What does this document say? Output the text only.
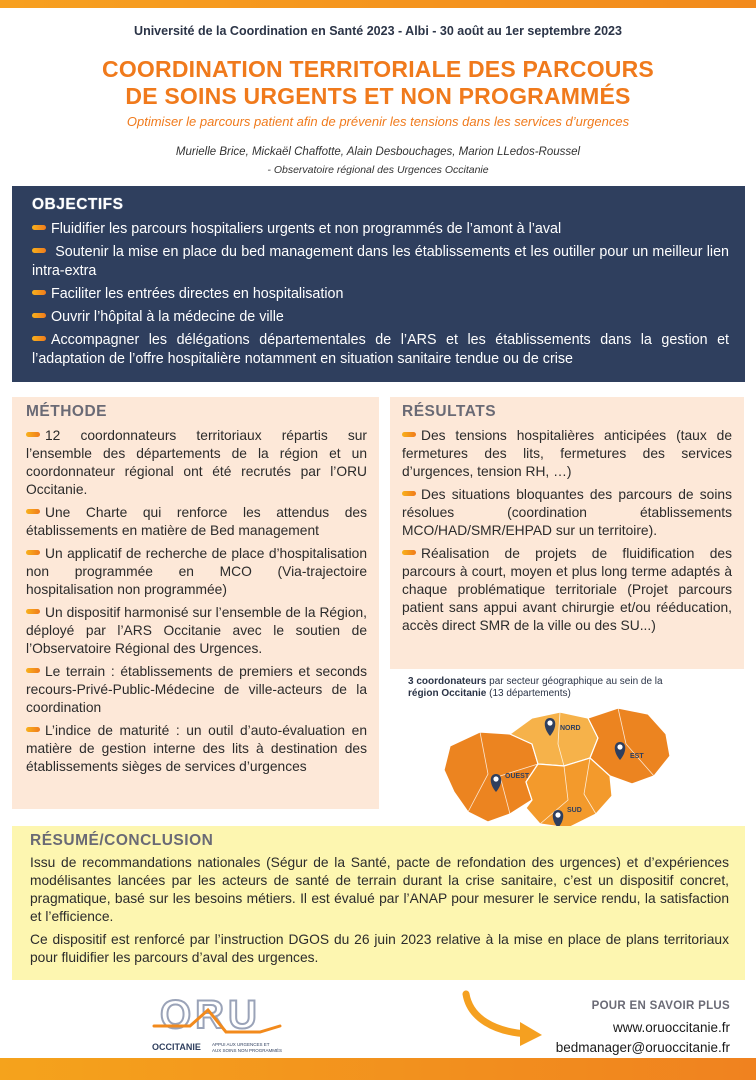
Université de la Coordination en Santé 2023 - Albi - 30 août au 1er septembre 2023
COORDINATION TERRITORIALE DES PARCOURS
DE SOINS URGENTS ET NON PROGRAMMÉS
Optimiser le parcours patient afin de prévenir les tensions dans les services d’urgences
Murielle Brice, Mickaël Chaffotte, Alain Desbouchages, Marion LLedos-Roussel
- Observatoire régional des Urgences Occitanie
OBJECTIFS
Fluidifier les parcours hospitaliers urgents et non programmés de l’amont à l’aval
Soutenir la mise en place du bed management dans les établissements et les outiller pour un meilleur lien intra-extra
Faciliter les entrées directes en hospitalisation
Ouvrir l’hôpital à la médecine de ville
Accompagner les délégations départementales de l’ARS et les établissements dans la gestion et l’adaptation de l’offre hospitalière notamment en situation sanitaire tendue ou de crise
MÉTHODE
12 coordonnateurs territoriaux répartis sur l’ensemble des départements de la région et un coordonnateur régional ont été recrutés par l’ORU Occitanie.
Une Charte qui renforce les attendus des établissements en matière de Bed management
Un applicatif de recherche de place d’hospitalisation non programmée en MCO (Via-trajectoire hospitalisation non programmée)
Un dispositif harmonisé sur l’ensemble de la Région, déployé par l’ARS Occitanie avec le soutien de l’Observatoire Régional des Urgences.
Le terrain : établissements de premiers et seconds recours-Privé-Public-Médecine de ville-acteurs de la coordination
L’indice de maturité : un outil d’auto-évaluation en matière de gestion interne des lits à destination des établissements sièges de services d’urgences
RÉSULTATS
Des tensions hospitalières anticipées (taux de fermetures des lits, fermetures des services d’urgences, tension RH, …)
Des situations bloquantes des parcours de soins résolues (coordination établissements MCO/HAD/SMR/EHPAD sur un territoire).
Réalisation de projets de fluidification des parcours à court, moyen et plus long terme adaptés à chaque problématique territoriale (Projet parcours patient sans appui avant chirurgie et/ou rééducation, accès direct SMR de la ville ou des SU...)
3 coordonateurs par secteur géographique au sein de la région Occitanie (13 départements)
NORD
EST
OUEST
SUD
RÉSUMÉ/CONCLUSION

Issu de recommandations nationales (Ségur de la Santé, pacte de refondation des urgences) et d’expériences modélisantes lancées par les acteurs de santé de terrain durant la crise sanitaire, c’est un dispositif concret, pragmatique, basé sur les besoins métiers. Il est évalué par l’ANAP pour mesurer le service rendu, la satisfaction et l’efficience.

Ce dispositif est renforcé par l’instruction DGOS du 26 juin 2023 relative à la mise en place de plans territoriaux pour fluidifier les parcours d’aval des urgences.

ORU
OCCITANIE APPUI AUX URGENCES ET
AUX SOINS NON PROGRAMMÉS
POUR EN SAVOIR PLUS
www.oruoccitanie.fr
bedmanager@oruoccitanie.fr
